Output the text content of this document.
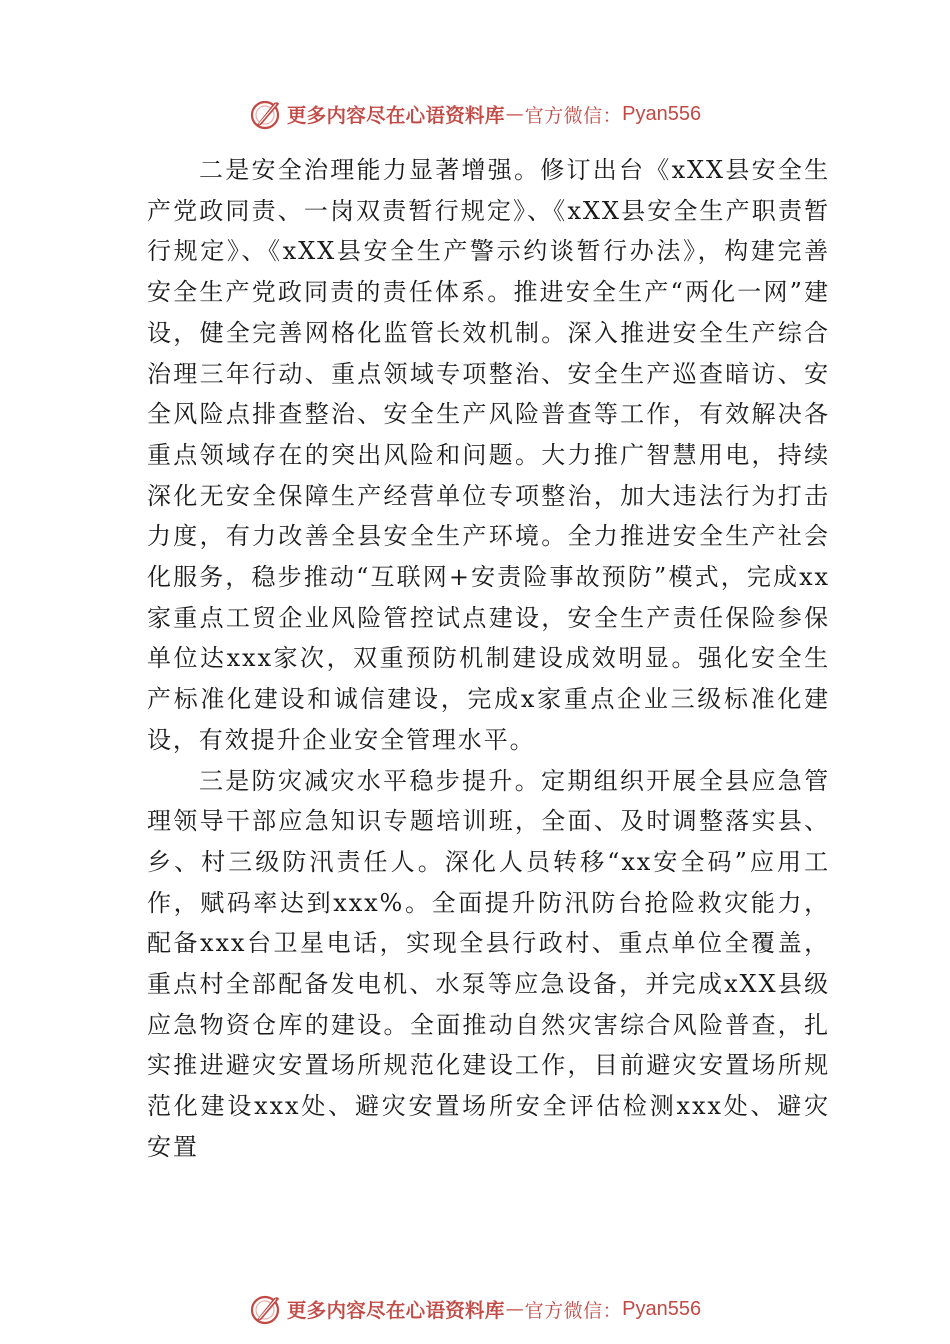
更多内容尽在心语资料库 — 官方微信： Pyan556

二是安全治理能力显著增强。修订出台《xXX县安全生产党政同责、一岗双责暂行规定》、《xXX县安全生产职责暂行规定》、《xXX县安全生产警示约谈暂行办法》，构建完善安全生产党政同责的责任体系。推进安全生产“两化一网”建设，健全完善网格化监管长效机制。深入推进安全生产综合治理三年行动、重点领域专项整治、安全生产巡查暗访、安全风险点排查整治、安全生产风险普查等工作，有效解决各重点领域存在的突出风险和问题。大力推广智慧用电，持续深化无安全保障生产经营单位专项整治，加大违法行为打击力度，有力改善全县安全生产环境。全力推进安全生产社会化服务，稳步推动“互联网+安责险事故预防”模式，完成xx家重点工贸企业风险管控试点建设，安全生产责任保险参保单位达xxx家次，双重预防机制建设成效明显。强化安全生产标准化建设和诚信建设，完成x家重点企业三级标准化建设，有效提升企业安全管理水平。

三是防灾减灾水平稳步提升。定期组织开展全县应急管理领导干部应急知识专题培训班，全面、及时调整落实县、乡、村三级防汛责任人。深化人员转移“xx安全码”应用工作，赋码率达到xxx%。全面提升防汛防台抢险救灾能力，配备xxx台卫星电话，实现全县行政村、重点单位全覆盖，重点村全部配备发电机、水泵等应急设备，并完成xXX县级应急物资仓库的建设。全面推动自然灾害综合风险普查，扎实推进避灾安置场所规范化建设工作，目前避灾安置场所规范化建设xxx处、避灾安置场所安全评估检测xxx处、避灾安置

更多内容尽在心语资料库 — 官方微信： Pyan556
